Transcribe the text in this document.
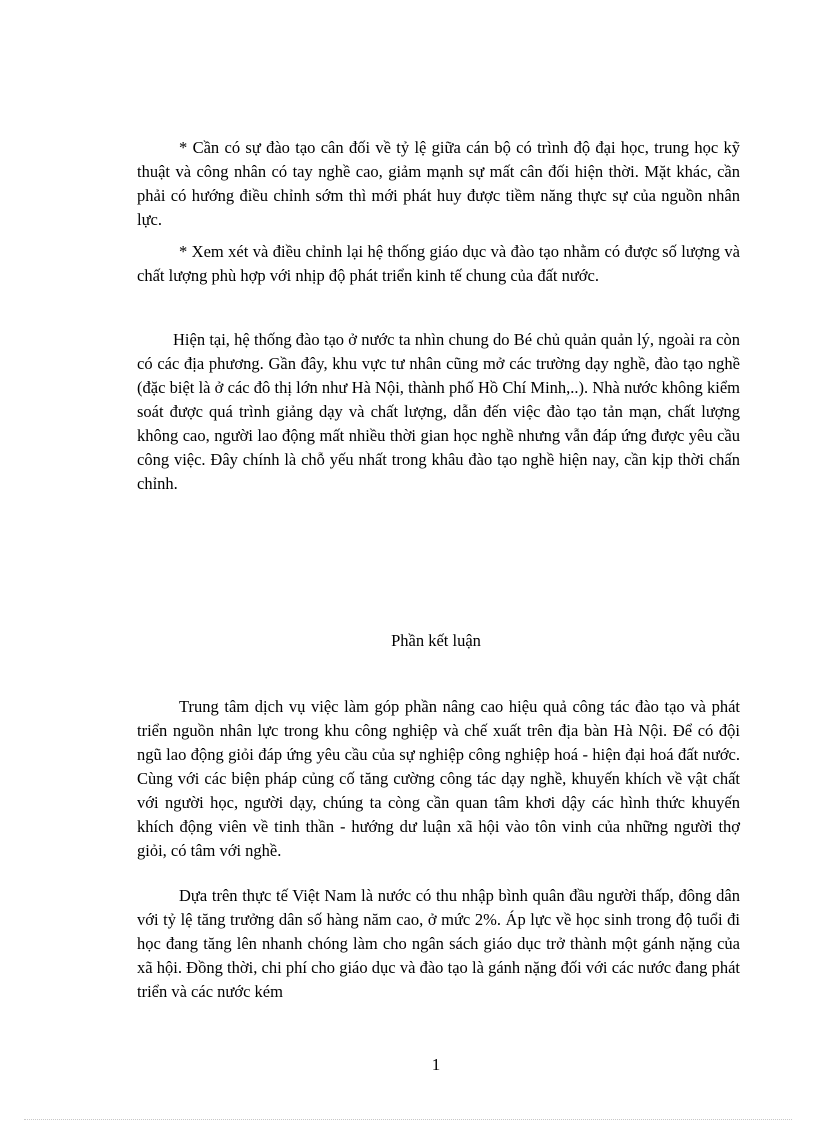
* Cần có sự đào tạo cân đối về tỷ lệ giữa cán bộ có trình độ đại học, trung học kỹ thuật và công nhân có tay nghề cao, giảm mạnh sự mất cân đối hiện thời. Mặt khác, cần phải có hướng điều chỉnh sớm thì mới phát huy được tiềm năng thực sự của nguồn nhân lực.

* Xem xét và điều chỉnh lại hệ thống giáo dục và đào tạo nhằm có được số lượng và chất lượng phù hợp với nhịp độ phát triển kinh tế chung của đất nước.

Hiện tại, hệ thống đào tạo ở nước ta nhìn chung do Bé chủ quản quản lý, ngoài ra còn có các địa phương. Gần đây, khu vực tư nhân cũng mở các trường dạy nghề, đào tạo nghề (đặc biệt là ở các đô thị lớn như Hà Nội, thành phố Hồ Chí Minh,..). Nhà nước không kiểm soát được quá trình giảng dạy và chất lượng, dẫn đến việc đào tạo tản mạn, chất lượng không cao, người lao động mất nhiều thời gian học nghề nhưng vẫn đáp ứng được yêu cầu công việc. Đây chính là chỗ yếu nhất trong khâu đào tạo nghề hiện nay, cần kịp thời chấn chỉnh.

Phần kết luận

Trung tâm dịch vụ việc làm góp phần nâng cao hiệu quả công tác đào tạo và phát triển nguồn nhân lực trong khu công nghiệp và chế xuất trên địa bàn Hà Nội. Để có đội ngũ lao động giỏi đáp ứng yêu cầu của sự nghiệp công nghiệp hoá - hiện đại hoá đất nước. Cùng với các biện pháp củng cố tăng cường công tác dạy nghề, khuyến khích về vật chất với người học, người dạy, chúng ta còng cần quan tâm khơi dậy các hình thức khuyến khích động viên về tinh thần - hướng dư luận xã hội vào tôn vinh của những người thợ giỏi, có tâm với nghề.

Dựa trên thực tế Việt Nam là nước có thu nhập bình quân đầu người thấp, đông dân với tỷ lệ tăng trưởng dân số hàng năm cao, ở mức 2%. Áp lực về học sinh trong độ tuổi đi học đang tăng lên nhanh chóng làm cho ngân sách giáo dục trở thành một gánh nặng của xã hội. Đồng thời, chi phí cho giáo dục và đào tạo là gánh nặng đối với các nước đang phát triển và các nước kém

1
